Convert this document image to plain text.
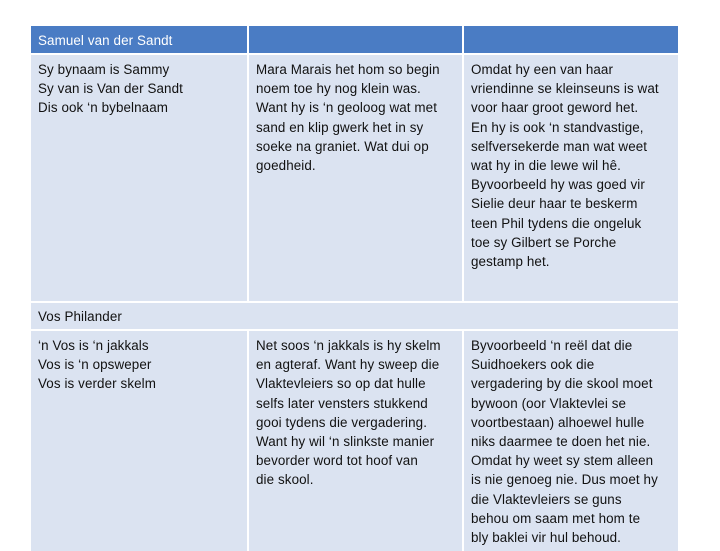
Samuel van der Sandt
Sy bynaam is Sammy
Sy van is Van der Sandt
Dis ook ‘n bybelnaam
Mara Marais het hom so begin
noem toe hy nog klein was.
Want hy is ‘n geoloog wat met
sand en klip gwerk het in sy
soeke na graniet. Wat dui op
goedheid.
Omdat hy een van haar
vriendinne se kleinseuns is wat
voor haar groot geword het.
En hy is ook ‘n standvastige,
selfversekerde man wat weet
wat hy in die lewe wil hê.
Byvoorbeeld hy was goed vir
Sielie deur haar te beskerm
teen Phil tydens die ongeluk
toe sy Gilbert se Porche
gestamp het.
Vos Philander
‘n Vos is ‘n jakkals
Vos is ‘n opsweper
Vos is verder skelm
Net soos ‘n jakkals is hy skelm
en agteraf. Want hy sweep die
Vlaktevleiers so op dat hulle
selfs later vensters stukkend
gooi tydens die vergadering.
Want hy wil ‘n slinkste manier
bevorder word tot hoof van
die skool.
Byvoorbeeld ‘n reël dat die
Suidhoekers ook die
vergadering by die skool moet
bywoon (oor Vlaktevlei se
voortbestaan) alhoewel hulle
niks daarmee te doen het nie.
Omdat hy weet sy stem alleen
is nie genoeg nie. Dus moet hy
die Vlaktevleiers se guns
behou om saam met hom te
bly baklei vir hul behoud.
